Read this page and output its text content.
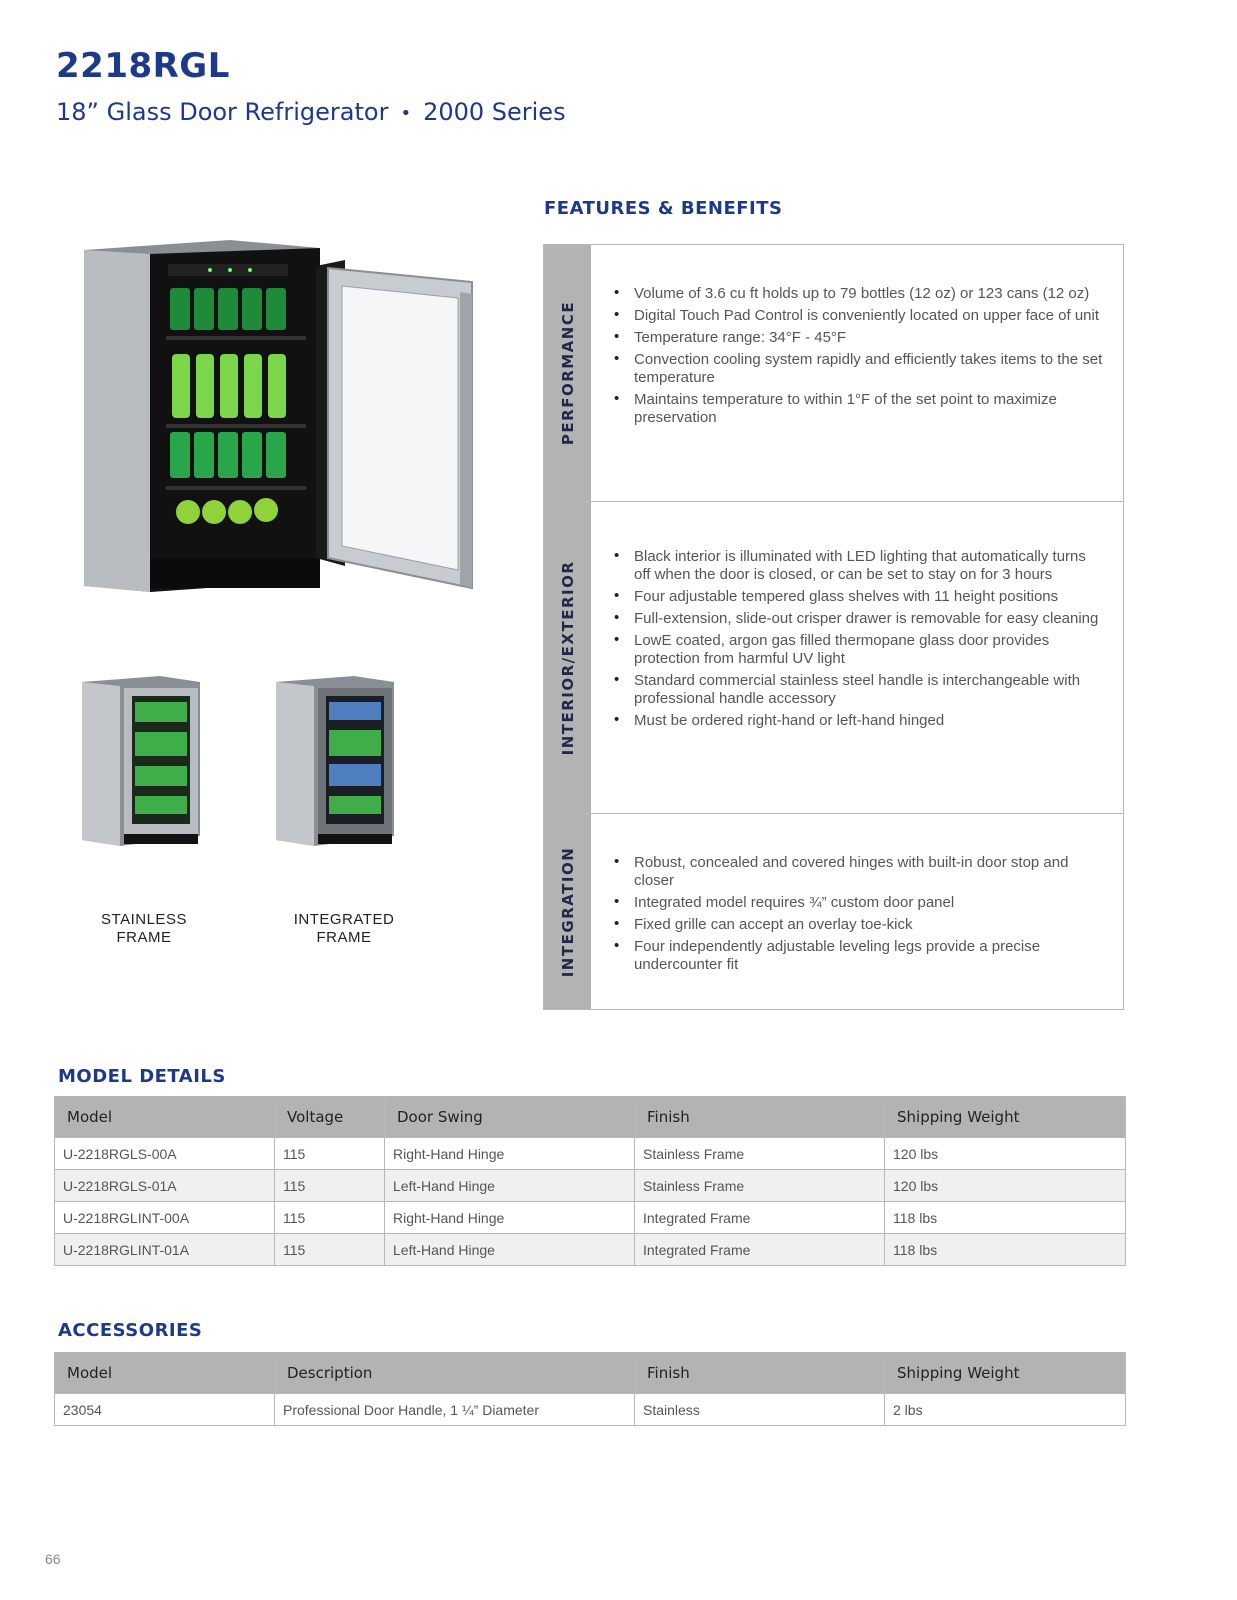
2218RGL
18” Glass Door Refrigerator • 2000 Series
STAINLESS
FRAME
INTEGRATED
FRAME
FEATURES & BENEFITS
PERFORMANCE
• Volume of 3.6 cu ft holds up to 79 bottles (12 oz) or 123 cans (12 oz)
• Digital Touch Pad Control is conveniently located on upper face of unit
• Temperature range: 34°F - 45°F
• Convection cooling system rapidly and efficiently takes items to the set temperature
• Maintains temperature to within 1°F of the set point to maximize preservation
INTERIOR/EXTERIOR
• Black interior is illuminated with LED lighting that automatically turns off when the door is closed, or can be set to stay on for 3 hours
• Four adjustable tempered glass shelves with 11 height positions
• Full-extension, slide-out crisper drawer is removable for easy cleaning
• LowE coated, argon gas filled thermopane glass door provides protection from harmful UV light
• Standard commercial stainless steel handle is interchangeable with professional handle accessory
• Must be ordered right-hand or left-hand hinged
INTEGRATION	• Robust, concealed and covered hinges with built-in door stop and closer
• Integrated model requires ¾” custom door panel
• Fixed grille can accept an overlay toe-kick
• Four independently adjustable leveling legs provide a precise undercounter fit
MODEL DETAILS
Model	Voltage	Door Swing	Finish	Shipping Weight
U-2218RGLS-00A	115	Right-Hand Hinge	Stainless Frame	120 lbs
U-2218RGLS-01A	115	Left-Hand Hinge	Stainless Frame	120 lbs
U-2218RGLINT-00A	115	Right-Hand Hinge	Integrated Frame	118 lbs
U-2218RGLINT-01A	115	Left-Hand Hinge	Integrated Frame	118 lbs
ACCESSORIES
Model	Description	Finish	Shipping Weight
23054	Professional Door Handle, 1 ¼” Diameter	Stainless	2 lbs
66
